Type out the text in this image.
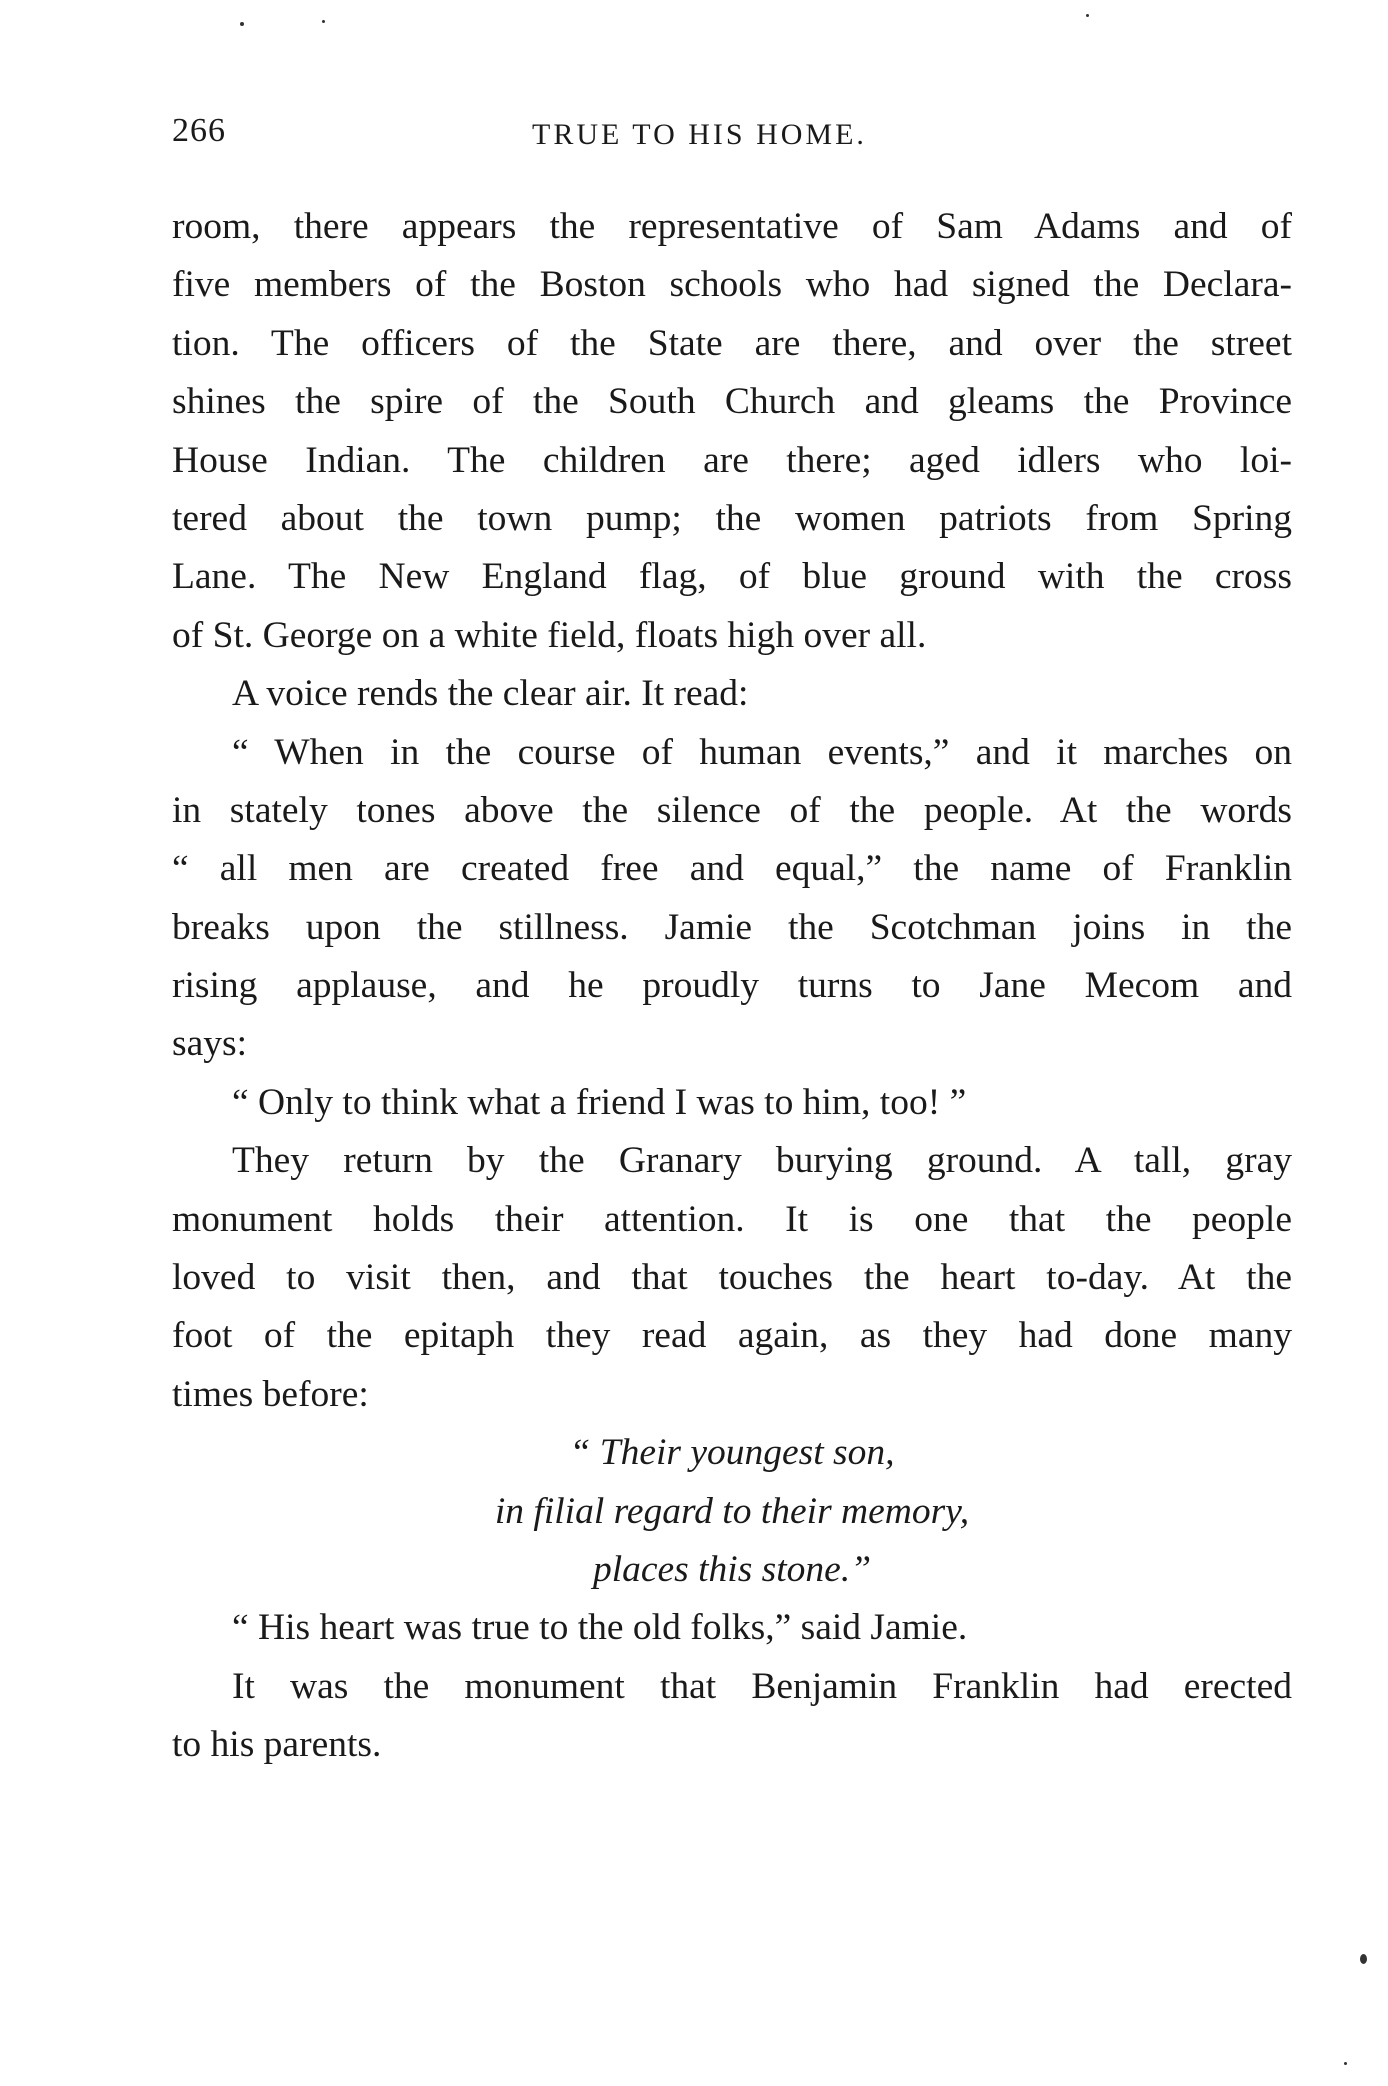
266	TRUE TO HIS HOME.
room, there appears the representative of Sam Adams and of
five members of the Boston schools who had signed the Declara-
tion. The officers of the State are there, and over the street
shines the spire of the South Church and gleams the Province
House Indian. The children are there; aged idlers who loi-
tered about the town pump; the women patriots from Spring
Lane. The New England flag, of blue ground with the cross
of St. George on a white field, floats high over all.
A voice rends the clear air. It read:
“ When in the course of human events,” and it marches on
in stately tones above the silence of the people. At the words
“ all men are created free and equal,” the name of Franklin
breaks upon the stillness. Jamie the Scotchman joins in the
rising applause, and he proudly turns to Jane Mecom and
says:
“ Only to think what a friend I was to him, too! ”
They return by the Granary burying ground. A tall, gray
monument holds their attention. It is one that the people
loved to visit then, and that touches the heart to-day. At the
foot of the epitaph they read again, as they had done many
times before:
“ Their youngest son,
in filial regard to their memory,
places this stone.”
“ His heart was true to the old folks,” said Jamie.
It was the monument that Benjamin Franklin had erected
to his parents.
